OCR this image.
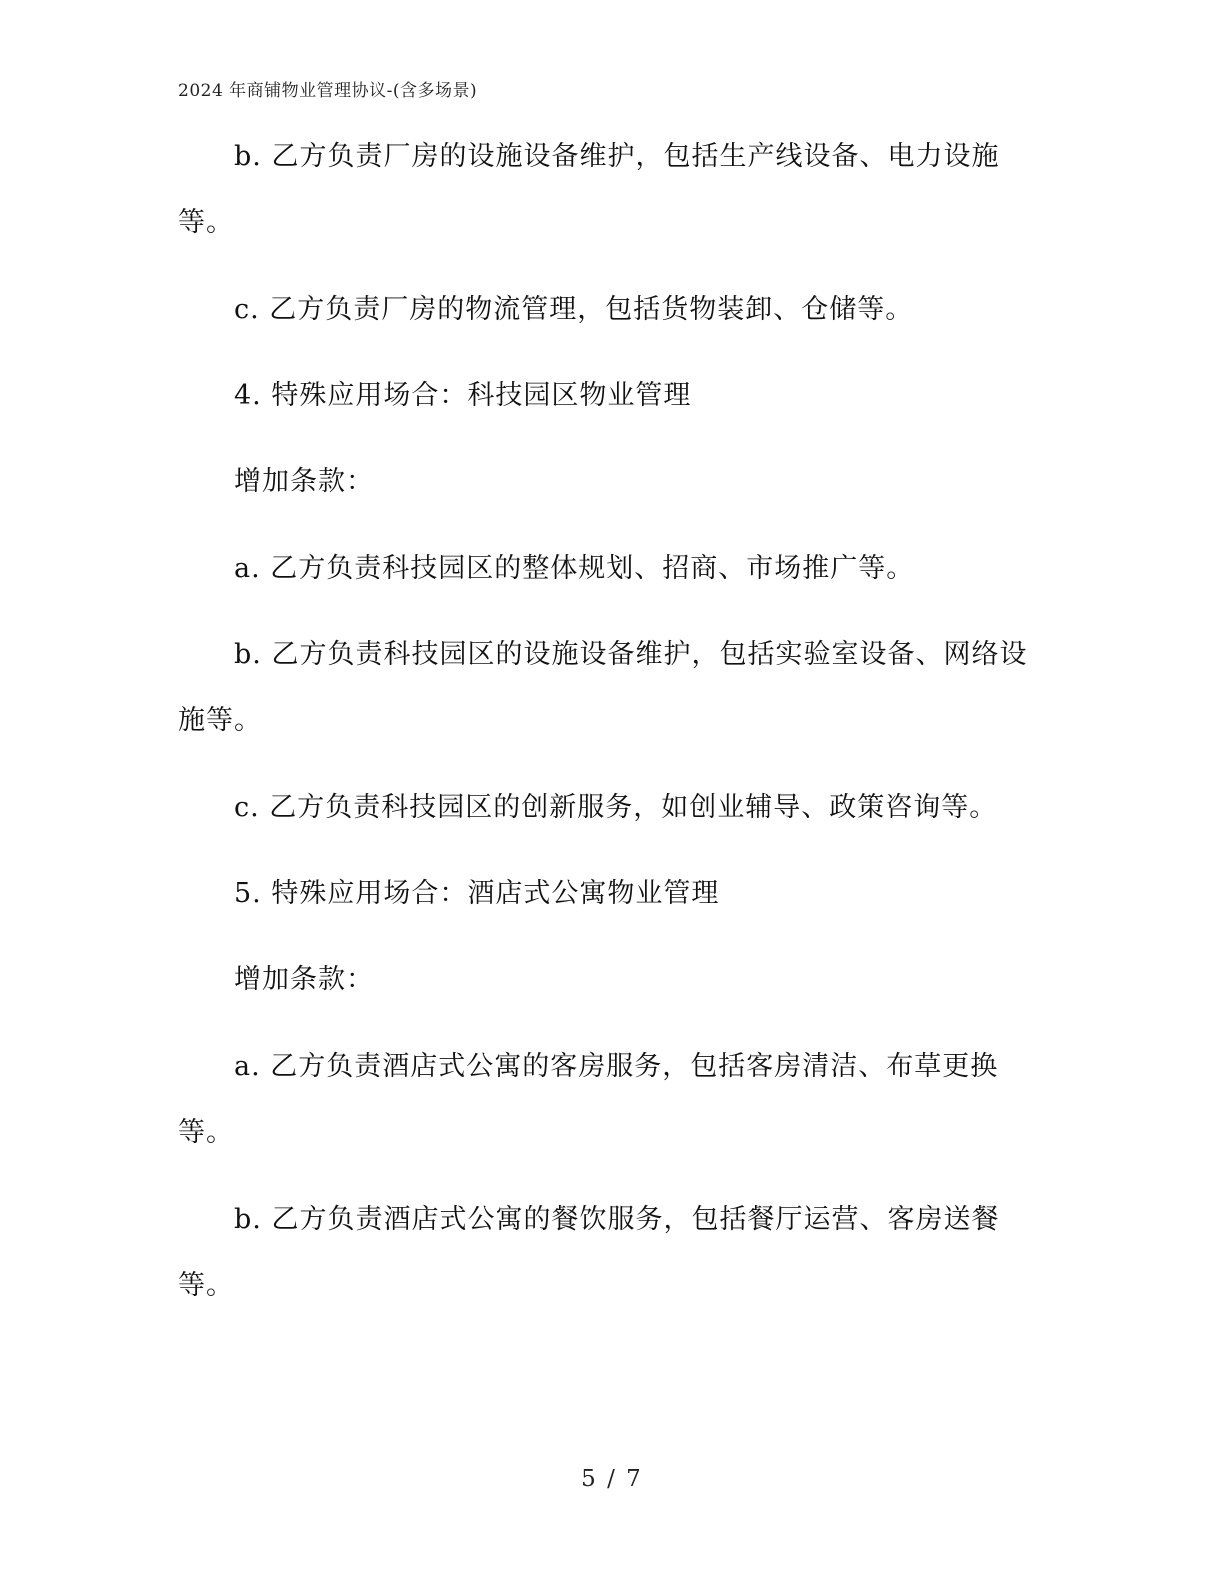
2024 年商铺物业管理协议-(含多场景)
b. 乙方负责厂房的设施设备维护，包括生产线设备、电力设施等。
c. 乙方负责厂房的物流管理，包括货物装卸、仓储等。
4. 特殊应用场合：科技园区物业管理
增加条款：
a. 乙方负责科技园区的整体规划、招商、市场推广等。
b. 乙方负责科技园区的设施设备维护，包括实验室设备、网络设施等。
c. 乙方负责科技园区的创新服务，如创业辅导、政策咨询等。
5. 特殊应用场合：酒店式公寓物业管理
增加条款：
a. 乙方负责酒店式公寓的客房服务，包括客房清洁、布草更换等。
b. 乙方负责酒店式公寓的餐饮服务，包括餐厅运营、客房送餐等。
5 / 7
